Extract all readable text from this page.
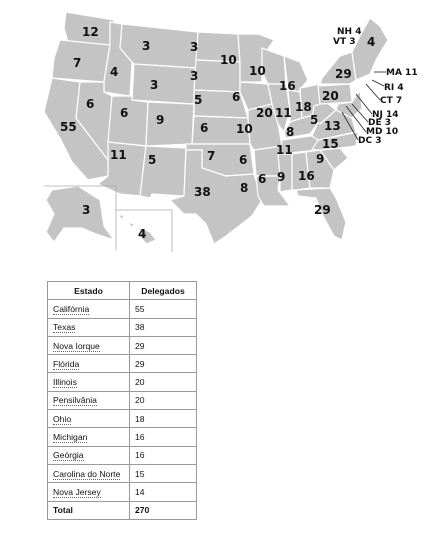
12
7
55
4
6
3
3
6
11
9
5
3
3
5
6
7
38
10
6
10
6
8
10
20
16
11 18
8
11
6 9 16
29
9
15
13
5
20
29
4
3
4
NH 4
VT 3
MA 11
RI 4
CT 7
NJ 14
DE 3
MD 10
DC 3
Estado	Delegados
Califórnia	55
Texas	38
Nova Iorque	29
Flórida	29
Illinois	20
Pensilvânia	20
Ohio	18
Michigan	16
Geórgia	16
Carolina do Norte	15
Nova Jersey	14
Total	270
